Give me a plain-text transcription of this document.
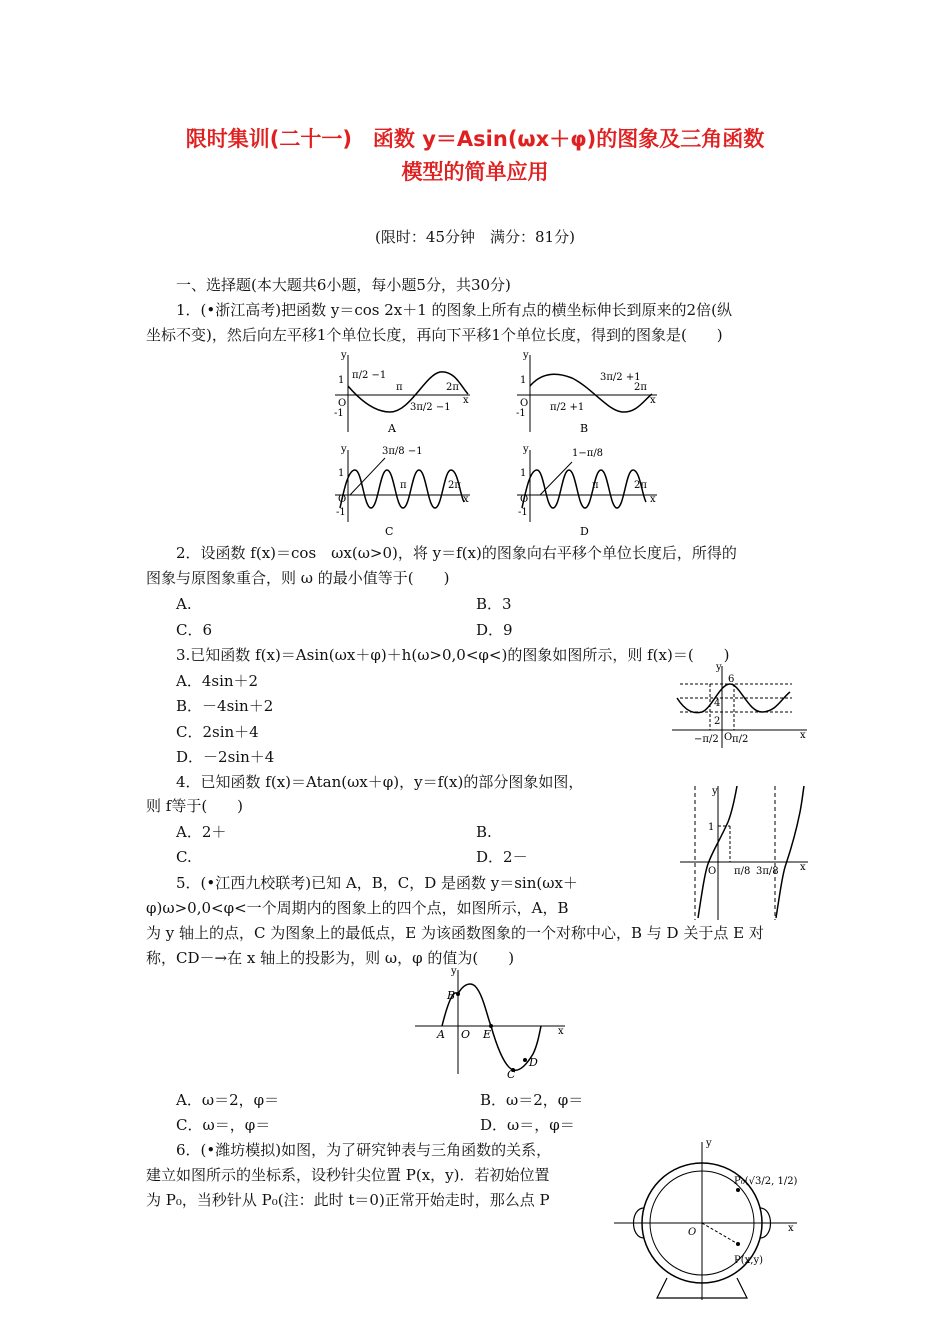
限时集训(二十一)　函数 y＝Asin(ωx＋φ)的图象及三角函数
模型的简单应用
(限时：45分钟　满分：81分)
一、选择题(本大题共6小题，每小题5分，共30分)
1．(•浙江高考)把函数 y＝cos 2x＋1 的图象上所有点的横坐标伸长到原来的2倍(纵
坐标不变)，然后向左平移1个单位长度，再向下平移1个单位长度，得到的图象是(　　)
y
x
O
1
-1
π/2 −1
π
3π/2 −1
2π
A
y
x
O
1
-1
π/2 +1
3π/2 +1
2π
B
y
x
O
1
-1
3π/8 −1
π	2π
C
y
x
O
1
-1
1−π/8
π	2π
D
2．设函数 f(x)＝cos　ωx(ω>0)，将 y＝f(x)的图象向右平移个单位长度后，所得的
图象与原图象重合，则 ω 的最小值等于(　　)
A.	B．3
C．6	D．9
3.已知函数 f(x)＝Asin(ωx＋φ)＋h(ω>0,0<φ<)的图象如图所示，则 f(x)＝(　　)
A．4sin＋2
B．－4sin＋2
C．2sin＋4
D．－2sin＋4
y
x
6
4
2
O
−π/2 π/2
4．已知函数 f(x)＝Atan(ωx＋φ)，y＝f(x)的部分图象如图，
则 f等于(　　)
A．2＋	B.
C.	D．2－
y
x
1
O π/8 3π/8
5．(•江西九校联考)已知 A，B，C，D 是函数 y＝sin(ωx＋
φ)ω>0,0<φ<一个周期内的图象上的四个点，如图所示，A，B
为 y 轴上的点，C 为图象上的最低点，E 为该函数图象的一个对称中心，B 与 D 关于点 E 对
称，CD－→在 x 轴上的投影为，则 ω，φ 的值为(　　)
y
x
A
B
C
D
E
O
A．ω＝2，φ＝	B．ω＝2，φ＝
C．ω＝，φ＝	D．ω＝，φ＝
6．(•潍坊模拟)如图，为了研究钟表与三角函数的关系，
建立如图所示的坐标系，设秒针尖位置 P(x，y)．若初始位置
为 P₀，当秒针从 P₀(注：此时 t＝0)正常开始走时，那么点 P
y
x
O
P₀(√3/2, 1/2)
P(x,y)
